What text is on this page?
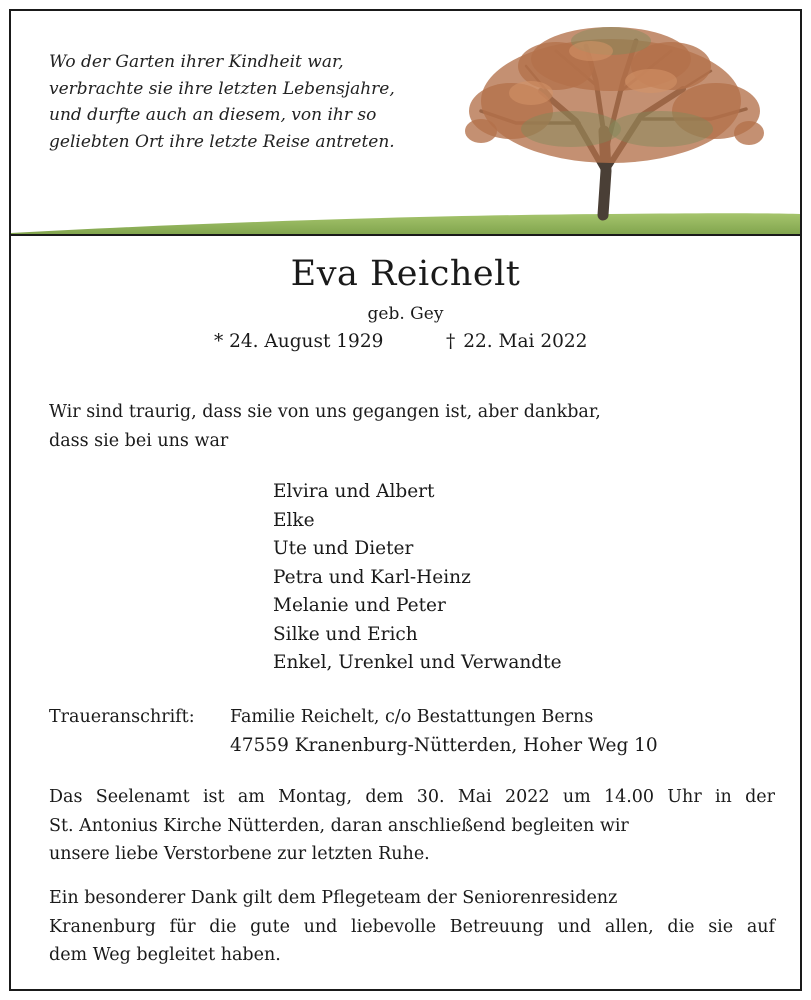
Wo der Garten ihrer Kindheit war,
verbrachte sie ihre letzten Lebensjahre,
und durfte auch an diesem, von ihr so
geliebten Ort ihre letzte Reise antreten.

Eva Reichelt
geb. Gey
* 24. August 1929	† 22. Mai 2022
Wir sind traurig, dass sie von uns gegangen ist, aber dankbar,
dass sie bei uns war
Elvira und Albert
Elke
Ute und Dieter
Petra und Karl-Heinz
Melanie und Peter
Silke und Erich
Enkel, Urenkel und Verwandte
Traueranschrift: Familie Reichelt, c/o Bestattungen Berns
47559 Kranenburg-Nütterden, Hoher Weg 10
Das Seelenamt ist am Montag, dem 30. Mai 2022 um 14.00 Uhr in der
St. Antonius Kirche Nütterden, daran anschließend begleiten wir
unsere liebe Verstorbene zur letzten Ruhe.
Ein besonderer Dank gilt dem Pflegeteam der Seniorenresidenz
Kranenburg für die gute und liebevolle Betreuung und allen, die sie auf
dem Weg begleitet haben.
